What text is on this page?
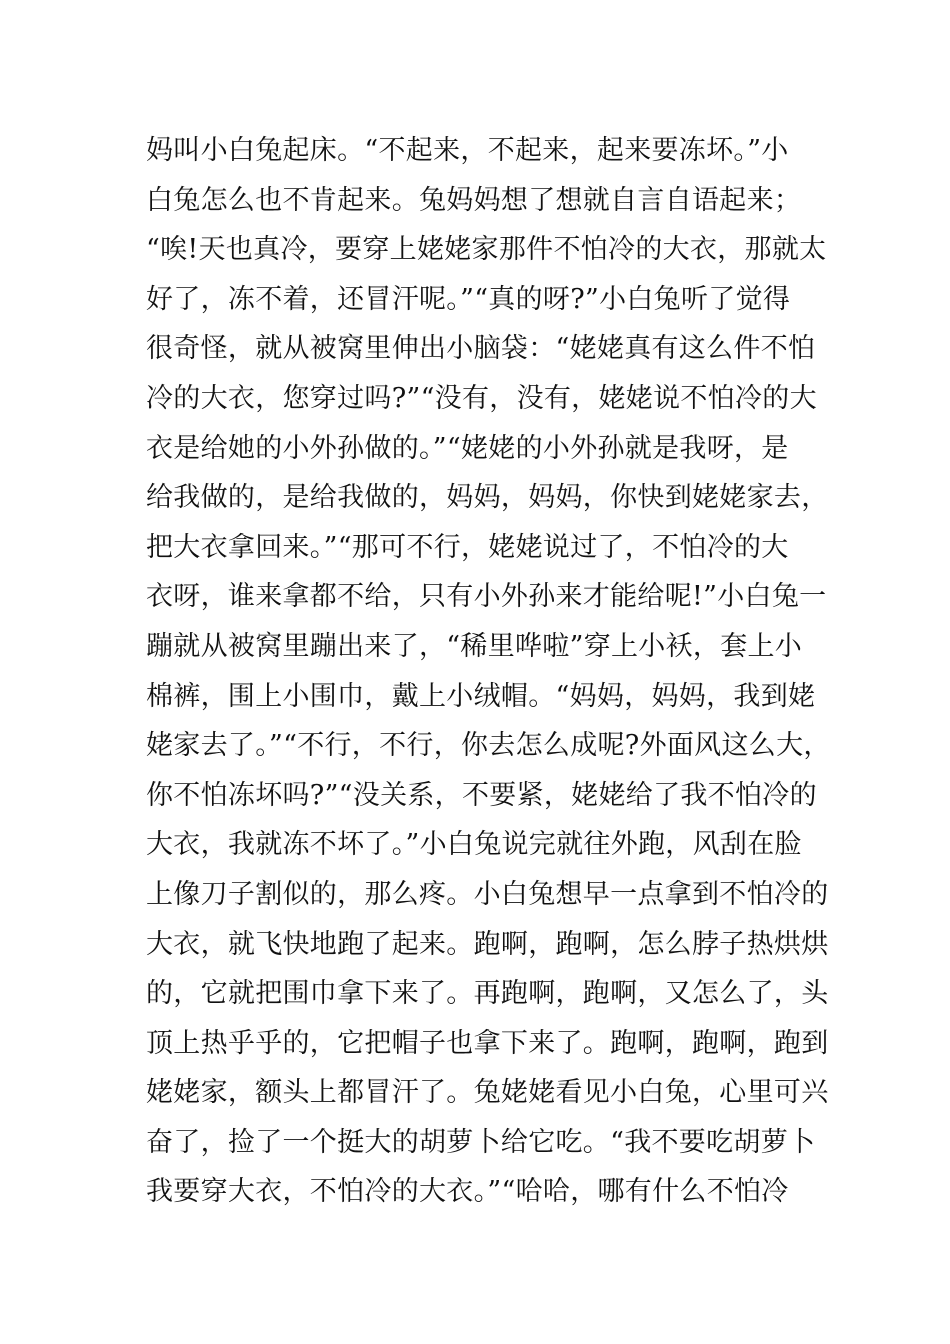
妈叫小白兔起床。“不起来，不起来，起来要冻坏。”小
白兔怎么也不肯起来。兔妈妈想了想就自言自语起来；
“唉!天也真冷，要穿上姥姥家那件不怕冷的大衣，那就太
好了，冻不着，还冒汗呢。”“真的呀?”小白兔听了觉得
很奇怪，就从被窝里伸出小脑袋：“姥姥真有这么件不怕
冷的大衣，您穿过吗?”“没有，没有，姥姥说不怕冷的大
衣是给她的小外孙做的。”“姥姥的小外孙就是我呀，是
给我做的，是给我做的，妈妈，妈妈，你快到姥姥家去，
把大衣拿回来。”“那可不行，姥姥说过了，不怕冷的大
衣呀，谁来拿都不给，只有小外孙来才能给呢!”小白兔一
蹦就从被窝里蹦出来了，“稀里哗啦”穿上小袄，套上小
棉裤，围上小围巾，戴上小绒帽。“妈妈，妈妈，我到姥
姥家去了。”“不行，不行，你去怎么成呢?外面风这么大，
你不怕冻坏吗?”“没关系，不要紧，姥姥给了我不怕冷的
大衣，我就冻不坏了。”小白兔说完就往外跑，风刮在脸
上像刀子割似的，那么疼。小白兔想早一点拿到不怕冷的
大衣，就飞快地跑了起来。跑啊，跑啊，怎么脖子热烘烘
的，它就把围巾拿下来了。再跑啊，跑啊，又怎么了，头
顶上热乎乎的，它把帽子也拿下来了。跑啊，跑啊，跑到
姥姥家，额头上都冒汗了。兔姥姥看见小白兔，心里可兴
奋了，捡了一个挺大的胡萝卜给它吃。“我不要吃胡萝卜
我要穿大衣，不怕冷的大衣。”“哈哈，哪有什么不怕冷
